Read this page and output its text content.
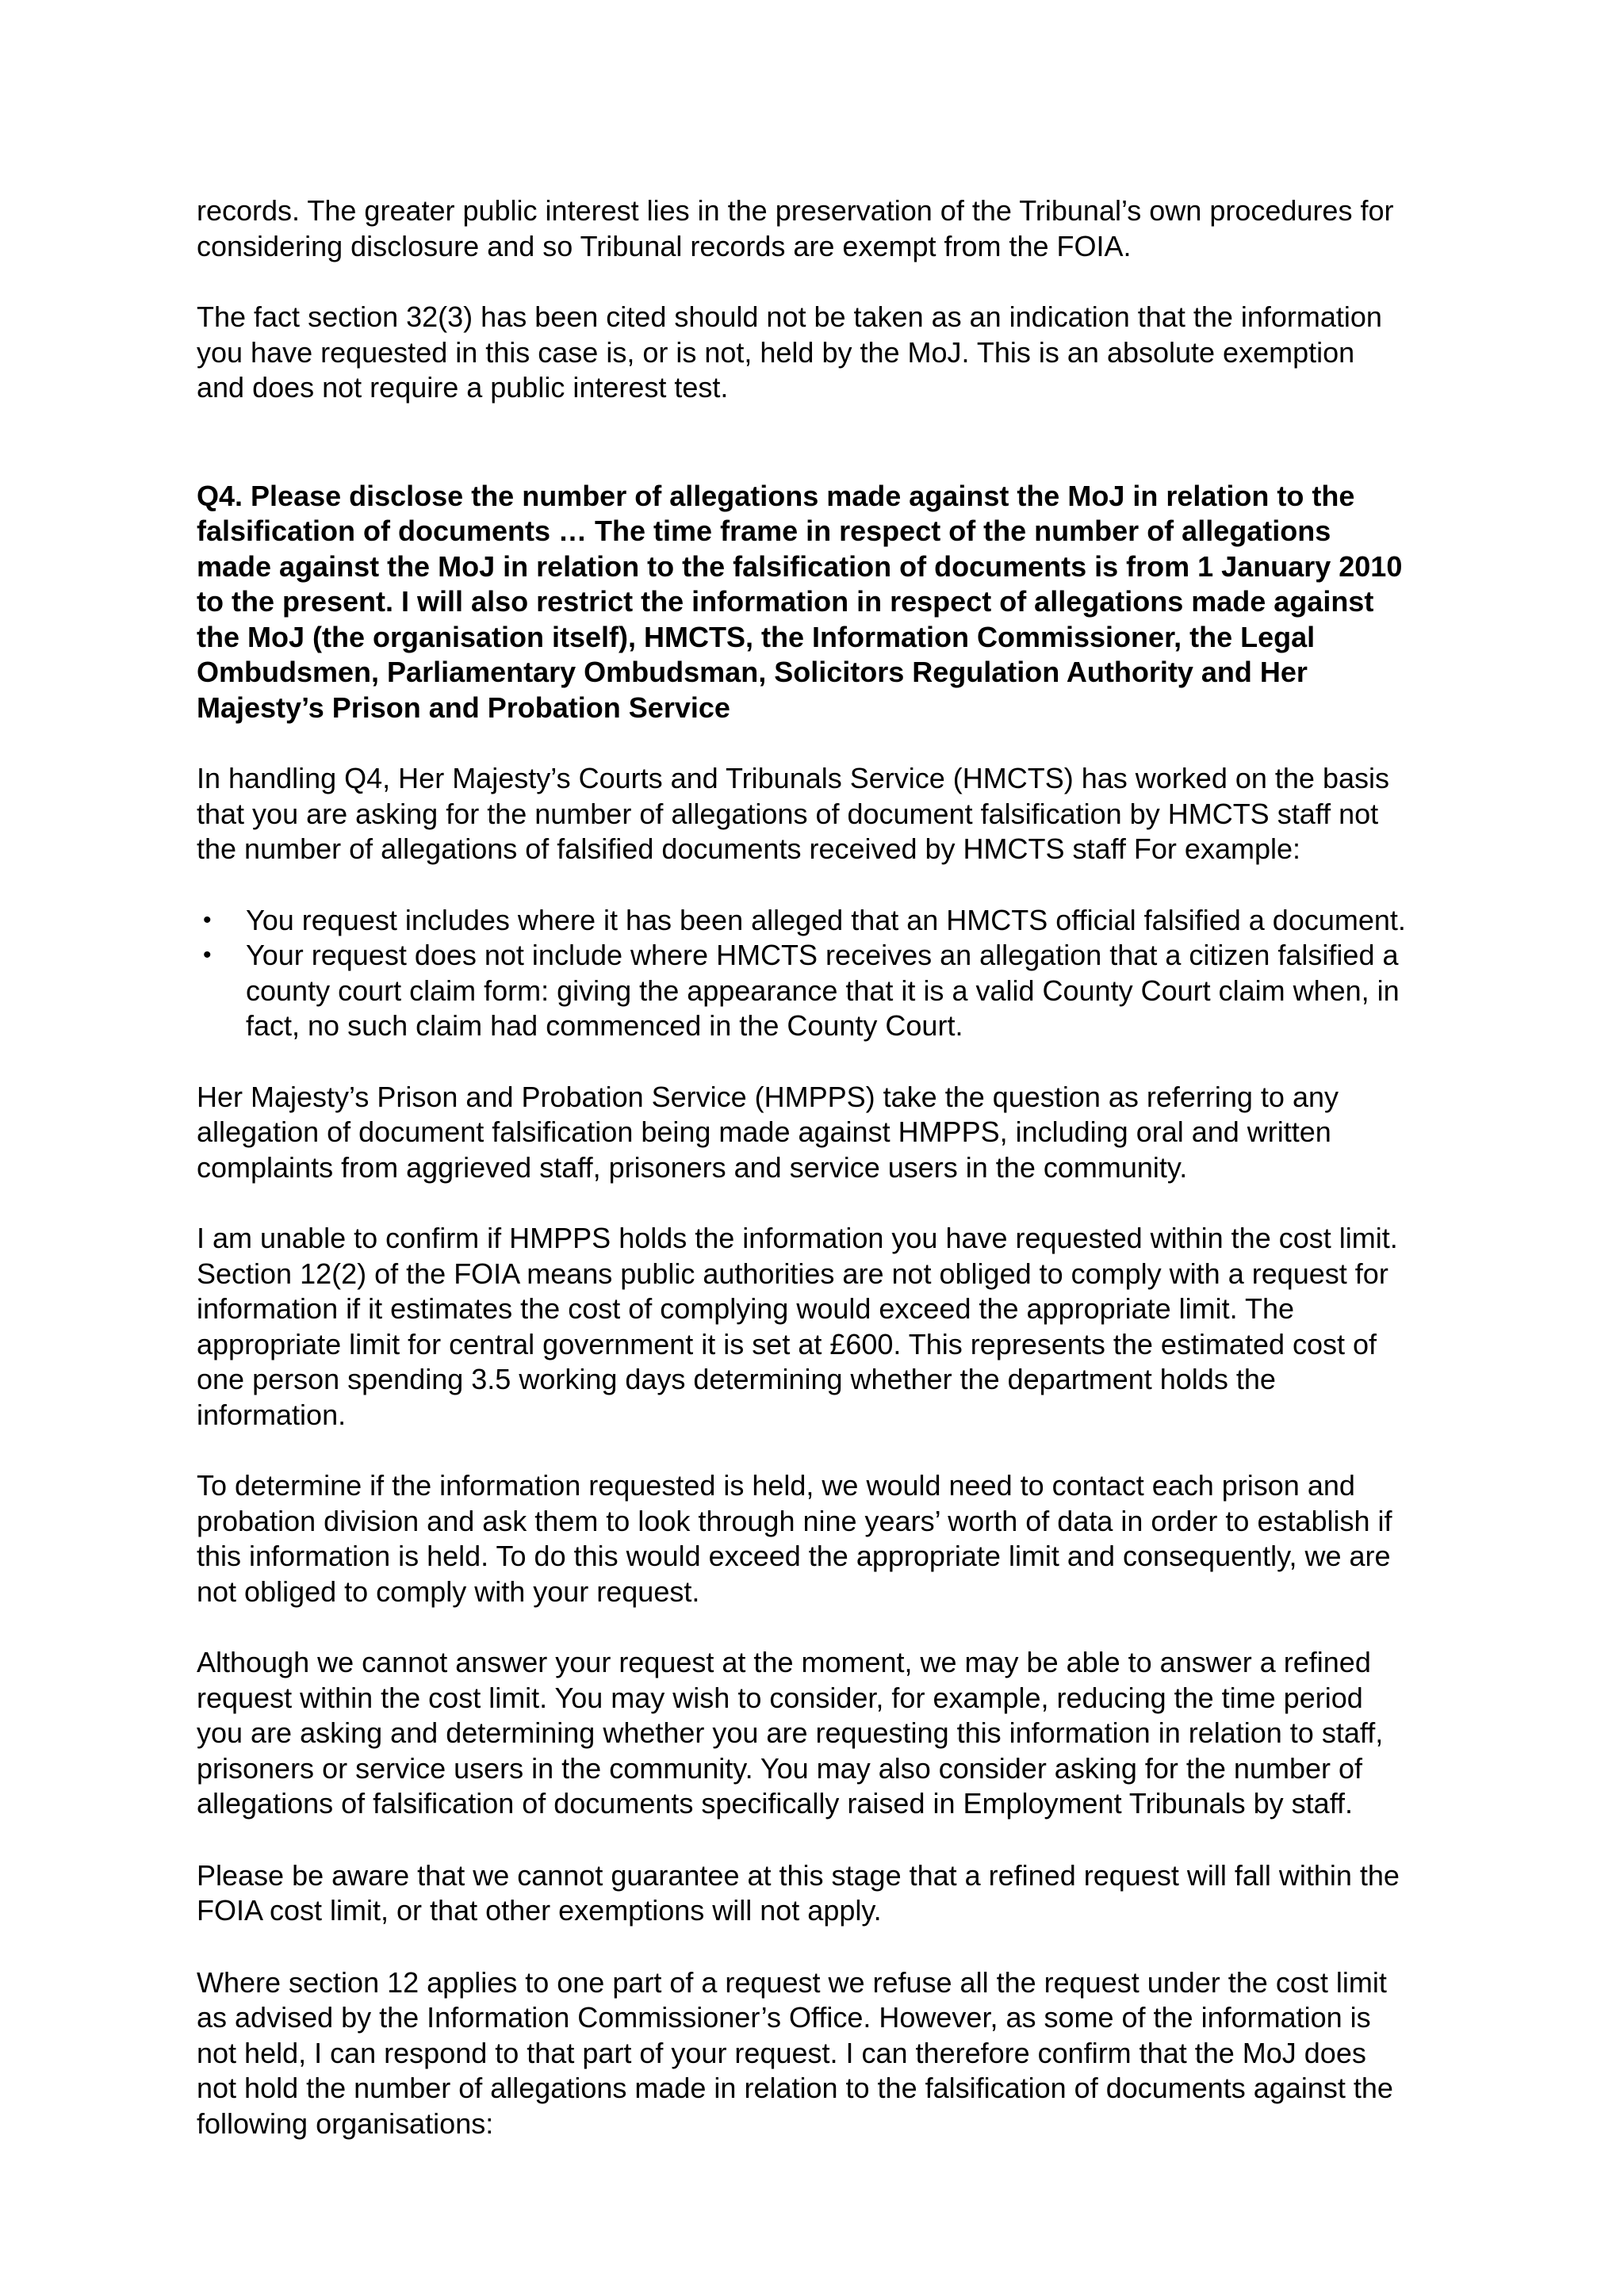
records. The greater public interest lies in the preservation of the Tribunal’s own procedures for
considering disclosure and so Tribunal records are exempt from the FOIA.

The fact section 32(3) has been cited should not be taken as an indication that the information
you have requested in this case is, or is not, held by the MoJ. This is an absolute exemption
and does not require a public interest test.

Q4. Please disclose the number of allegations made against the MoJ in relation to the
falsification of documents … The time frame in respect of the number of allegations
made against the MoJ in relation to the falsification of documents is from 1 January 2010
to the present. I will also restrict the information in respect of allegations made against
the MoJ (the organisation itself), HMCTS, the Information Commissioner, the Legal
Ombudsmen, Parliamentary Ombudsman, Solicitors Regulation Authority and Her
Majesty’s Prison and Probation Service

In handling Q4, Her Majesty’s Courts and Tribunals Service (HMCTS) has worked on the basis
that you are asking for the number of allegations of document falsification by HMCTS staff not
the number of allegations of falsified documents received by HMCTS staff For example:

• You request includes where it has been alleged that an HMCTS official falsified a document.
• Your request does not include where HMCTS receives an allegation that a citizen falsified a
county court claim form: giving the appearance that it is a valid County Court claim when, in
fact, no such claim had commenced in the County Court.

Her Majesty’s Prison and Probation Service (HMPPS) take the question as referring to any
allegation of document falsification being made against HMPPS, including oral and written
complaints from aggrieved staff, prisoners and service users in the community.

I am unable to confirm if HMPPS holds the information you have requested within the cost limit.
Section 12(2) of the FOIA means public authorities are not obliged to comply with a request for
information if it estimates the cost of complying would exceed the appropriate limit. The
appropriate limit for central government it is set at £600. This represents the estimated cost of
one person spending 3.5 working days determining whether the department holds the
information.

To determine if the information requested is held, we would need to contact each prison and
probation division and ask them to look through nine years’ worth of data in order to establish if
this information is held. To do this would exceed the appropriate limit and consequently, we are
not obliged to comply with your request.

Although we cannot answer your request at the moment, we may be able to answer a refined
request within the cost limit. You may wish to consider, for example, reducing the time period
you are asking and determining whether you are requesting this information in relation to staff,
prisoners or service users in the community. You may also consider asking for the number of
allegations of falsification of documents specifically raised in Employment Tribunals by staff.

Please be aware that we cannot guarantee at this stage that a refined request will fall within the
FOIA cost limit, or that other exemptions will not apply.

Where section 12 applies to one part of a request we refuse all the request under the cost limit
as advised by the Information Commissioner’s Office. However, as some of the information is
not held, I can respond to that part of your request. I can therefore confirm that the MoJ does
not hold the number of allegations made in relation to the falsification of documents against the
following organisations:
